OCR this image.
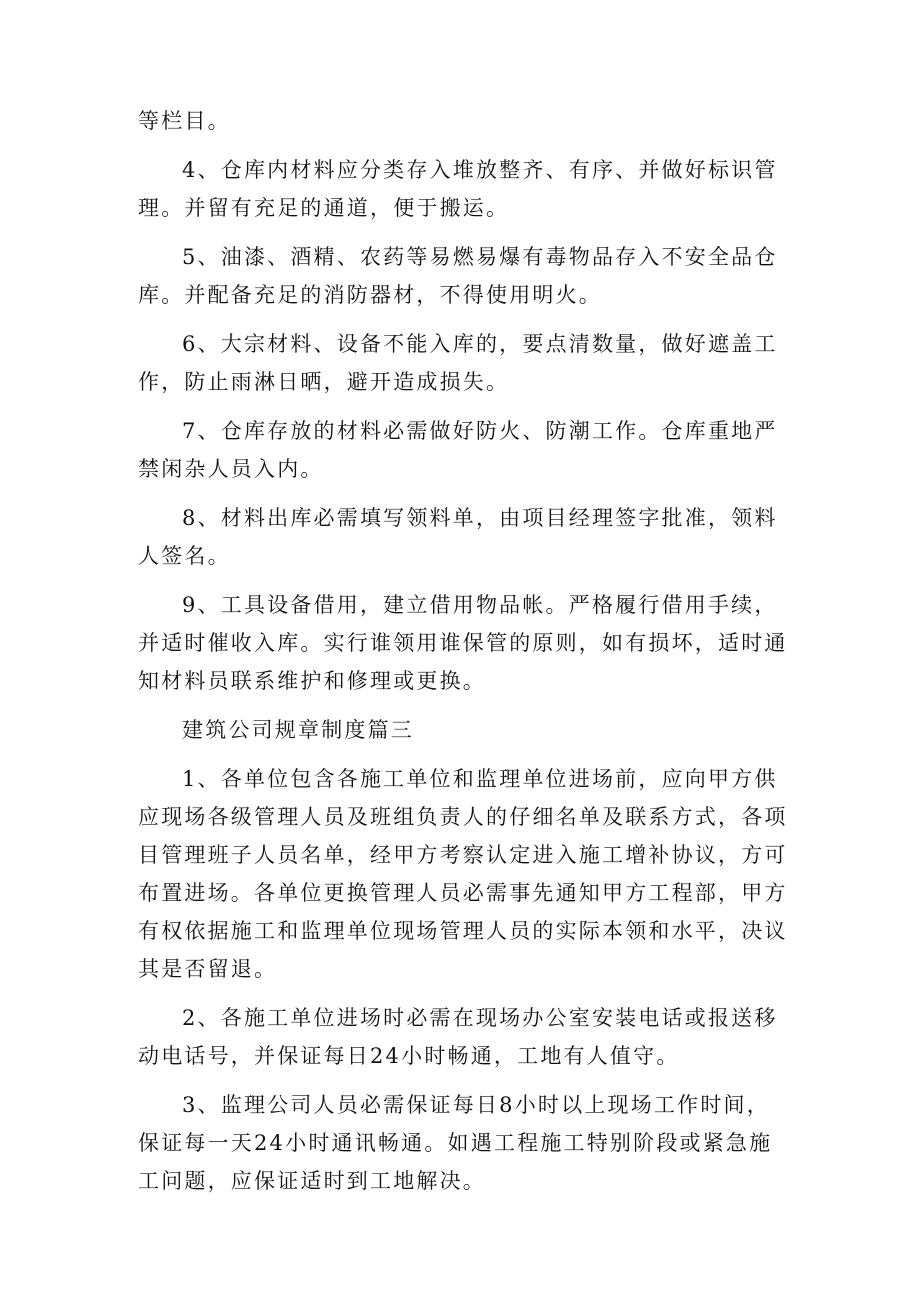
等栏目。

4、仓库内材料应分类存入堆放整齐、有序、并做好标识管理。并留有充足的通道，便于搬运。

5、油漆、酒精、农药等易燃易爆有毒物品存入不安全品仓库。并配备充足的消防器材，不得使用明火。

6、大宗材料、设备不能入库的，要点清数量，做好遮盖工作，防止雨淋日晒，避开造成损失。

7、仓库存放的材料必需做好防火、防潮工作。仓库重地严禁闲杂人员入内。

8、材料出库必需填写领料单，由项目经理签字批准，领料人签名。

9、工具设备借用，建立借用物品帐。严格履行借用手续，并适时催收入库。实行谁领用谁保管的原则，如有损坏，适时通知材料员联系维护和修理或更换。

建筑公司规章制度篇三

1、各单位包含各施工单位和监理单位进场前，应向甲方供应现场各级管理人员及班组负责人的仔细名单及联系方式，各项目管理班子人员名单，经甲方考察认定进入施工增补协议，方可布置进场。各单位更换管理人员必需事先通知甲方工程部，甲方有权依据施工和监理单位现场管理人员的实际本领和水平，决议其是否留退。

2、各施工单位进场时必需在现场办公室安装电话或报送移动电话号，并保证每日24小时畅通，工地有人值守。

3、监理公司人员必需保证每日8小时以上现场工作时间，保证每一天24小时通讯畅通。如遇工程施工特别阶段或紧急施工问题，应保证适时到工地解决。
